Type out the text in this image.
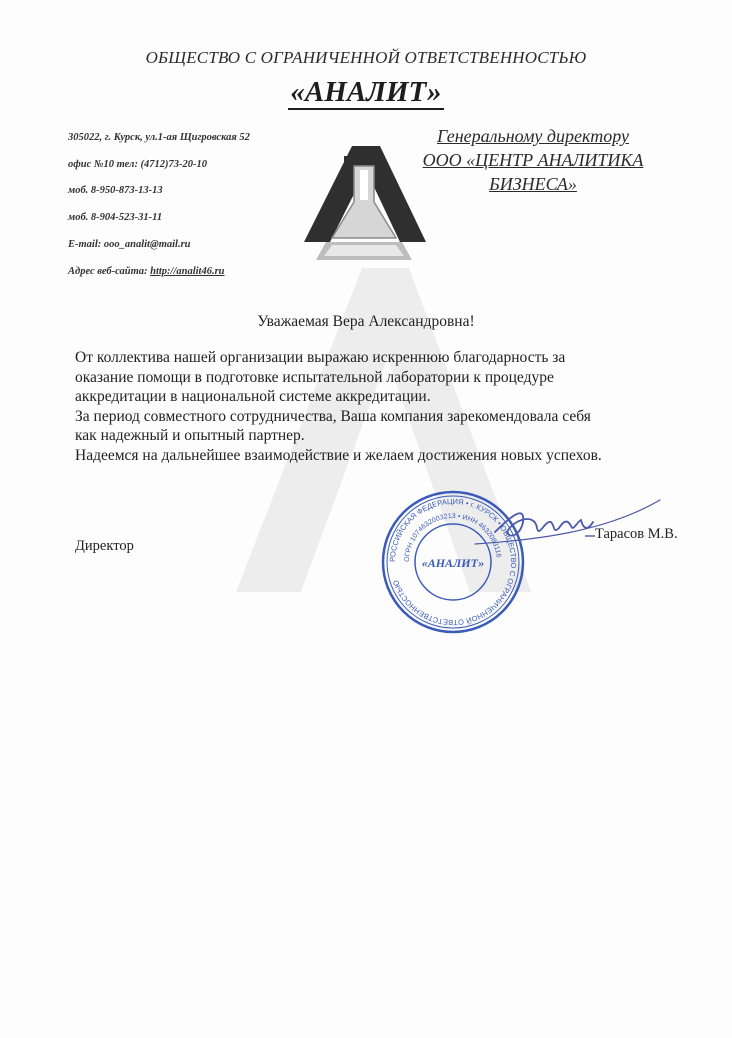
ОБЩЕСТВО С ОГРАНИЧЕННОЙ ОТВЕТСТВЕННОСТЬЮ
«АНАЛИТ»
305022, г. Курск, ул.1-ая Щигровская 52
офис №10 тел: (4712)73-20-10
моб. 8-950-873-13-13
моб. 8-904-523-31-11
E-mail: ooo_analit@mail.ru
Адрес веб-сайта: http://analit46.ru
Генеральному директору
ООО «ЦЕНТР АНАЛИТИКА
БИЗНЕСА»
Уважаемая Вера Александровна!
От коллектива нашей организации выражаю искреннюю благодарность за
оказание помощи в подготовке испытательной лаборатории к процедуре
аккредитации в национальной системе аккредитации.
За период совместного сотрудничества, Ваша компания зарекомендовала себя
как надежный и опытный партнер.
Надеемся на дальнейшее взаимодействие и желаем достижения новых успехов.
Директор
РОССИЙСКАЯ ФЕДЕРАЦИЯ • г. КУРСК • ОБЩЕСТВО С ОГРАНИЧЕННОЙ ОТВЕТСТВЕННОСТЬЮ
ОГРН 1074632003213 • ИНН 4632083116
«АНАЛИТ»
Тарасов М.В.
